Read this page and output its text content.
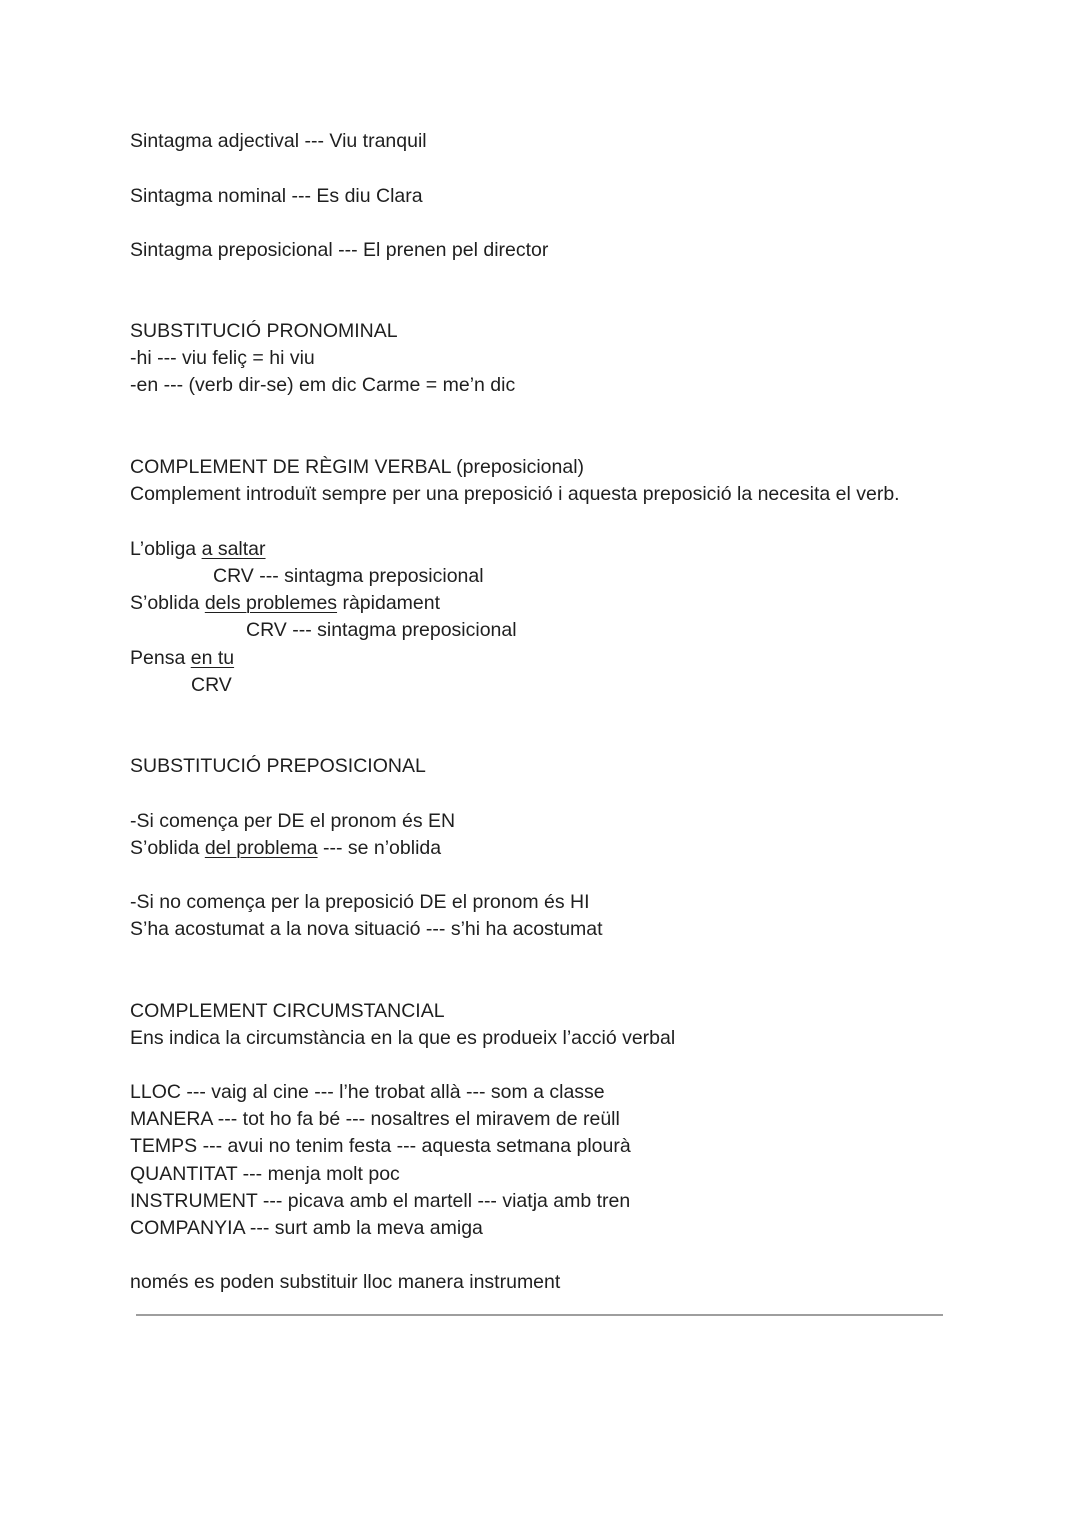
Sintagma adjectival --- Viu tranquil
Sintagma nominal --- Es diu Clara
Sintagma preposicional --- El prenen pel director
SUBSTITUCIÓ PRONOMINAL
-hi --- viu feliç = hi viu
-en --- (verb dir-se) em dic Carme = me’n dic
COMPLEMENT DE RÈGIM VERBAL (preposicional)
Complement introduït sempre per una preposició i aquesta preposició la necesita el verb.
L’obliga a saltar
CRV --- sintagma preposicional
S’oblida dels problemes ràpidament
CRV --- sintagma preposicional
Pensa en tu
CRV
SUBSTITUCIÓ PREPOSICIONAL
-Si comença per DE el pronom és EN
S’oblida del problema --- se n’oblida
-Si no comença per la preposició DE el pronom és HI
S’ha acostumat a la nova situació --- s’hi ha acostumat
COMPLEMENT CIRCUMSTANCIAL
Ens indica la circumstància en la que es produeix l’acció verbal
LLOC --- vaig al cine --- l’he trobat allà --- som a classe
MANERA --- tot ho fa bé --- nosaltres el miravem de reüll
TEMPS --- avui no tenim festa --- aquesta setmana plourà
QUANTITAT --- menja molt poc
INSTRUMENT --- picava amb el martell --- viatja amb tren
COMPANYIA --- surt amb la meva amiga
només es poden substituir lloc manera instrument
